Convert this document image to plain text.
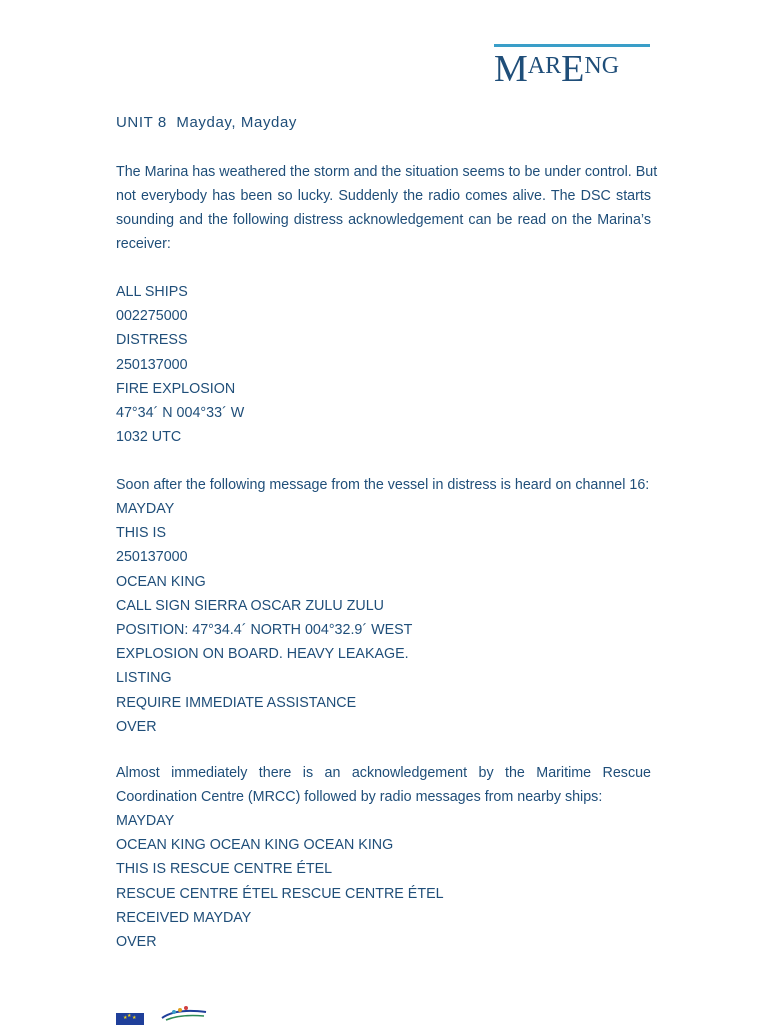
MARENG
UNIT 8  Mayday, Mayday
The Marina has weathered the storm and the situation seems to be under control. But
not everybody has been so lucky. Suddenly the radio comes alive. The DSC starts
sounding and the following distress acknowledgement can be read on the Marina’s
receiver:
ALL SHIPS
002275000
DISTRESS
250137000
FIRE EXPLOSION
47°34´ N 004°33´ W
1032 UTC
Soon after the following message from the vessel in distress is heard on channel 16:
MAYDAY
THIS IS
250137000
OCEAN KING
CALL SIGN SIERRA OSCAR ZULU ZULU
POSITION: 47°34.4´ NORTH 004°32.9´ WEST
EXPLOSION ON BOARD. HEAVY LEAKAGE.
LISTING
REQUIRE IMMEDIATE ASSISTANCE
OVER
Almost immediately there is an acknowledgement by the Maritime Rescue
Coordination Centre (MRCC) followed by radio messages from nearby ships:
MAYDAY
OCEAN KING OCEAN KING OCEAN KING
THIS IS RESCUE CENTRE ÉTEL
RESCUE CENTRE ÉTEL RESCUE CENTRE ÉTEL
RECEIVED MAYDAY
OVER
★
★ ★
